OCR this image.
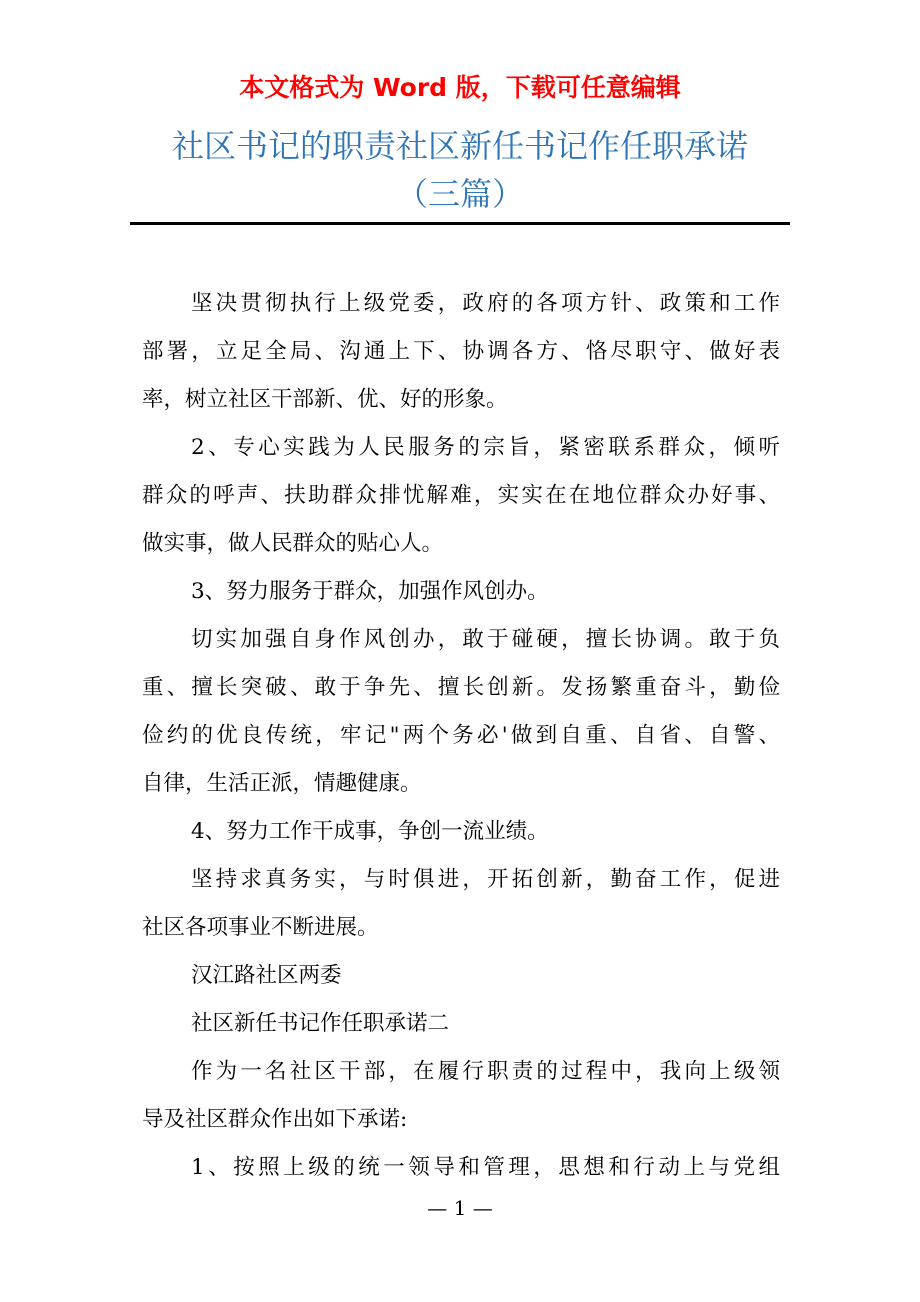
本文格式为 Word 版，下载可任意编辑
社区书记的职责社区新任书记作任职承诺
（三篇）
坚决贯彻执行上级党委，政府的各项方针、政策和工作
部署，立足全局、沟通上下、协调各方、恪尽职守、做好表
率，树立社区干部新、优、好的形象。
2、专心实践为人民服务的宗旨，紧密联系群众，倾听
群众的呼声、扶助群众排忧解难，实实在在地位群众办好事、
做实事，做人民群众的贴心人。
3、努力服务于群众，加强作风创办。
切实加强自身作风创办，敢于碰硬，擅长协调。敢于负
重、擅长突破、敢于争先、擅长创新。发扬繁重奋斗，勤俭
俭约的优良传统，牢记"两个务必'做到自重、自省、自警、
自律，生活正派，情趣健康。
4、努力工作干成事，争创一流业绩。
坚持求真务实，与时俱进，开拓创新，勤奋工作，促进
社区各项事业不断进展。
汉江路社区两委
社区新任书记作任职承诺二
作为一名社区干部，在履行职责的过程中，我向上级领
导及社区群众作出如下承诺:
1、按照上级的统一领导和管理，思想和行动上与党组
— 1 —
